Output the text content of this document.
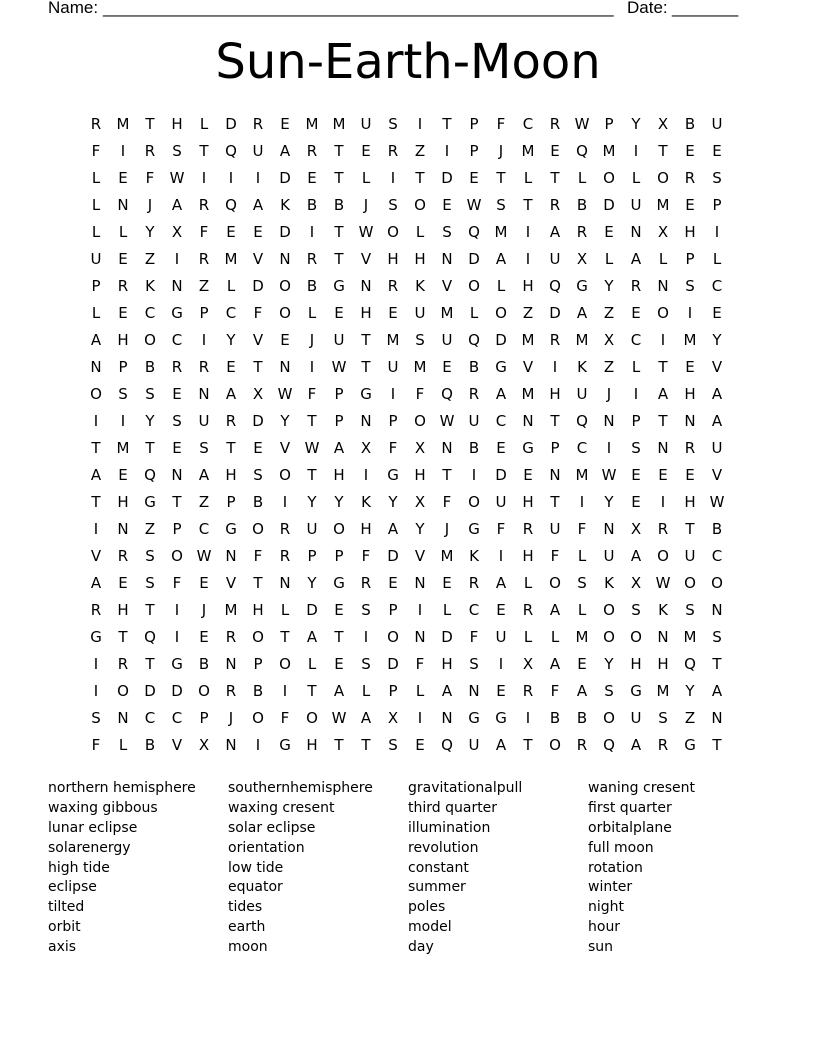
Name: ______________________________________________________ Date: _______
Sun-Earth-Moon
R	M	T	H	L	D	R	E	M M	U	S	I	T	P	F	C	R W	P	Y	X	B	U
F	I	R	S	T	Q	U	A	R	T	E	R	Z	I	P	J	M	E	Q M	I	T	E	E
L	E	F	W	I	I	I	D	E	T	L	I	T	D	E	T	L	T	L	O	L	O	R	S
L	N	J	A	R	Q	A	K	B	B	J	S	O	E W S	T	R	B	D	U	M	E	P
L	L	Y	X	F	E	E	D	I	T	W O	L	S	Q M	I	A	R	E	N	X	H	I
U	E	Z	I	R	M	V	N	R	T	V	H	H	N	D	A	I	U	X	L	A	L	P	L
P	R	K	N	Z	L	D	O	B	G	N	R	K	V	O	L	H	Q	G	Y	R	N	S	C
L	E	C	G	P	C	F	O	L	E	H	E	U	M	L	O	Z	D	A	Z	E	O	I	E
A	H	O	C	I	Y	V	E	J	U	T	M	S	U	Q	D M	R	M	X	C	I	M	Y
N	P	B	R	R	E	T	N	I	W T	U	M	E	B	G	V	I	K	Z	L	T	E	V
O	S	S	E	N	A	X W	F	P	G	I	F	Q	R	A	M H	U	J	I	A	H	A
I	I	Y	S	U	R	D	Y	T	P	N	P	O W U	C	N	T	Q	N	P	T	N	A
T	M	T	E	S	T	E	V W A	X	F	X	N	B	E	G	P	C	I	S	N	R	U
A	E	Q	N	A	H	S	O	T	H	I	G	H	T	I	D	E	N M W E	E	E	V
T	H	G	T	Z	P	B	I	Y	Y	K	Y	X	F	O	U	H	T	I	Y	E	I	H W
I	N	Z	P	C	G	O	R	U	O	H	A	Y	J	G	F	R	U	F	N	X	R	T	B
V	R	S	O W N	F	R	P	P	F	D	V	M	K	I	H	F	L	U	A	O	U	C
A	E	S	F	E	V	T	N	Y	G	R	E	N	E	R	A	L	O	S	K	X W O	O
R	H	T	I	J	M H	L	D	E	S	P	I	L	C	E	R	A	L	O	S	K	S	N
G	T	Q	I	E	R	O	T	A	T	I	O	N	D	F	U	L	L	M O	O	N M	S
I	R	T	G	B	N	P	O	L	E	S	D	F	H	S	I	X	A	E	Y	H	H	Q	T
I	O	D	D	O	R	B	I	T	A	L	P	L	A	N	E	R	F	A	S	G M	Y	A
S	N	C	C	P	J	O	F	O W A	X	I	N	G	G	I	B	B	O	U	S	Z	N
F	L	B	V	X	N	I	G	H	T	T	S	E	Q	U	A	T	O	R	Q	A	R	G	T
northern hemisphere
waxing gibbous
lunar eclipse
solarenergy
high tide
eclipse
tilted
orbit
axis
southernhemisphere
waxing cresent
solar eclipse
orientation
low tide
equator
tides
earth
moon
gravitationalpull
third quarter
illumination
revolution
constant
summer
poles
model
day
waning cresent
first quarter
orbitalplane
full moon
rotation
winter
night
hour
sun
